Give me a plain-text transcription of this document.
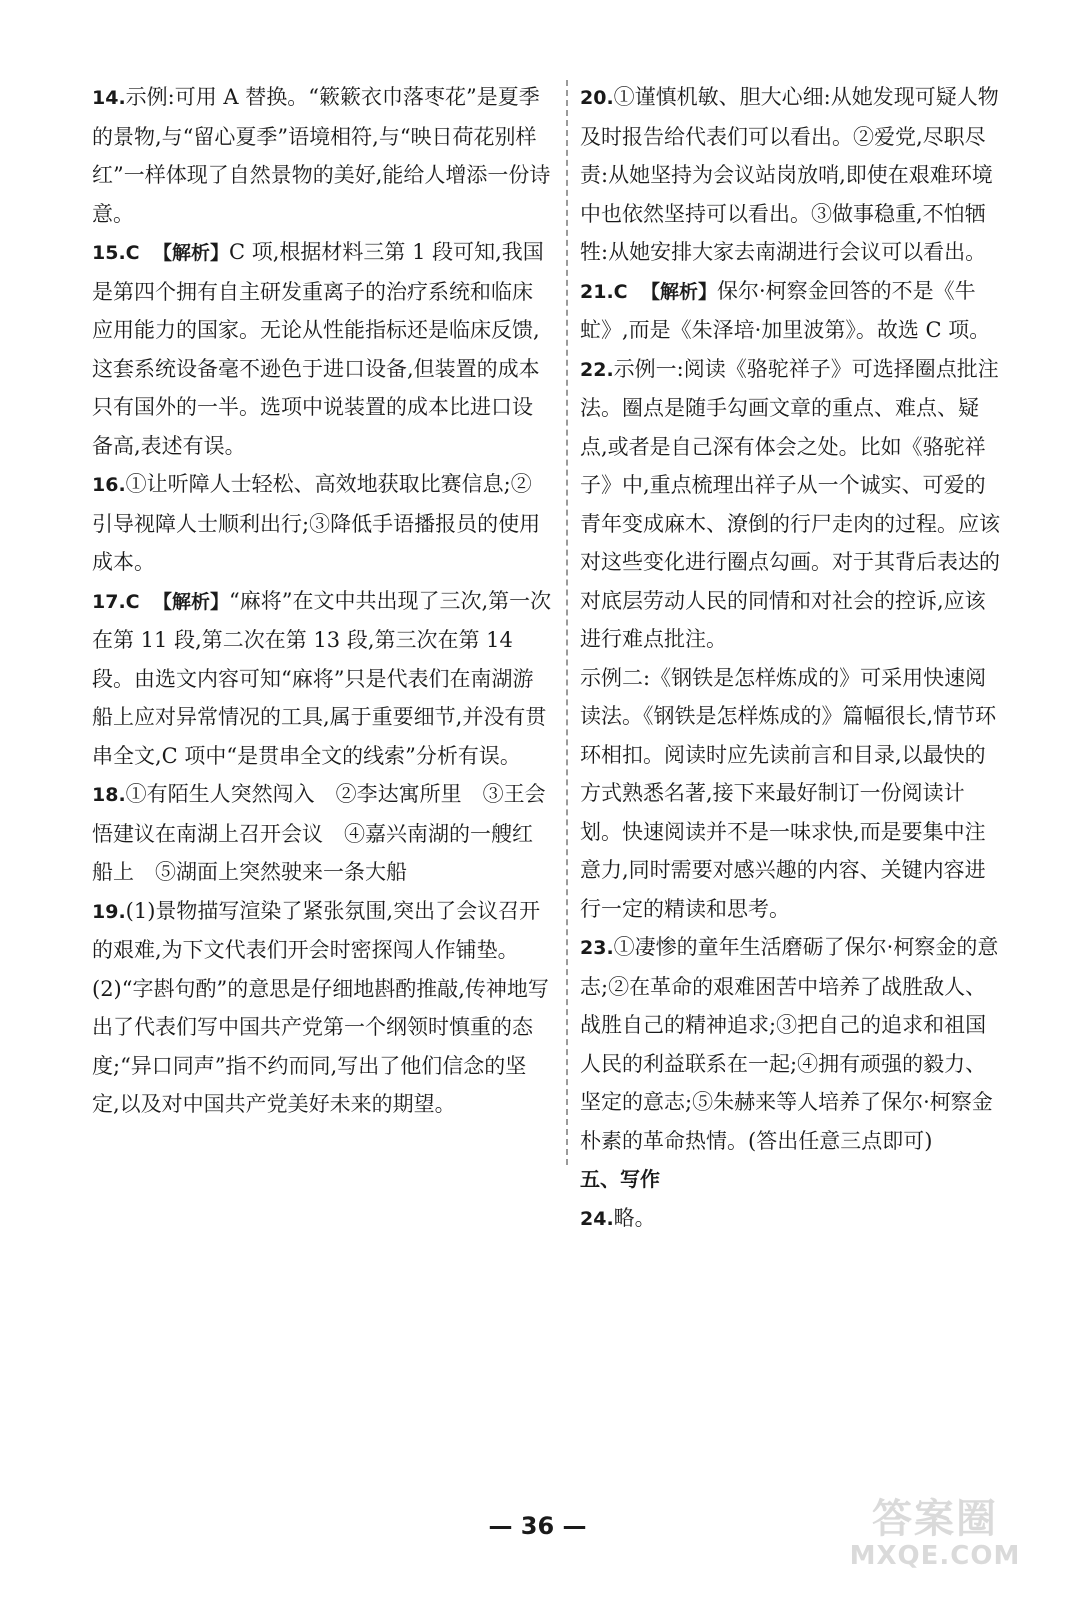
14.示例:可用 A 替换。“簌簌衣巾落枣花”是夏季的景物,与“留心夏季”语境相符,与“映日荷花别样红”一样体现了自然景物的美好,能给人增添一份诗意。

15.C 【解析】C 项,根据材料三第 1 段可知,我国是第四个拥有自主研发重离子的治疗系统和临床应用能力的国家。无论从性能指标还是临床反馈,这套系统设备毫不逊色于进口设备,但装置的成本只有国外的一半。选项中说装置的成本比进口设备高,表述有误。

16.①让听障人士轻松、高效地获取比赛信息;②引导视障人士顺利出行;③降低手语播报员的使用成本。

17.C 【解析】“麻将”在文中共出现了三次,第一次在第 11 段,第二次在第 13 段,第三次在第 14 段。由选文内容可知“麻将”只是代表们在南湖游船上应对异常情况的工具,属于重要细节,并没有贯串全文,C 项中“是贯串全文的线索”分析有误。

18.①有陌生人突然闯入　②李达寓所里　③王会悟建议在南湖上召开会议　④嘉兴南湖的一艘红船上　⑤湖面上突然驶来一条大船

19.(1)景物描写渲染了紧张氛围,突出了会议召开的艰难,为下文代表们开会时密探闯人作铺垫。

(2)“字斟句酌”的意思是仔细地斟酌推敲,传神地写出了代表们写中国共产党第一个纲领时慎重的态度;“异口同声”指不约而同,写出了他们信念的坚定,以及对中国共产党美好未来的期望。

20.①谨慎机敏、胆大心细:从她发现可疑人物及时报告给代表们可以看出。②爱党,尽职尽责:从她坚持为会议站岗放哨,即使在艰难环境中也依然坚持可以看出。③做事稳重,不怕牺牲:从她安排大家去南湖进行会议可以看出。

21.C 【解析】保尔·柯察金回答的不是《牛虻》,而是《朱泽培·加里波第》。故选 C 项。

22.示例一:阅读《骆驼祥子》可选择圈点批注法。圈点是随手勾画文章的重点、难点、疑点,或者是自己深有体会之处。比如《骆驼祥子》中,重点梳理出祥子从一个诚实、可爱的青年变成麻木、潦倒的行尸走肉的过程。应该对这些变化进行圈点勾画。对于其背后表达的对底层劳动人民的同情和对社会的控诉,应该进行难点批注。

示例二:《钢铁是怎样炼成的》可采用快速阅读法。《钢铁是怎样炼成的》篇幅很长,情节环环相扣。阅读时应先读前言和目录,以最快的方式熟悉名著,接下来最好制订一份阅读计划。快速阅读并不是一味求快,而是要集中注意力,同时需要对感兴趣的内容、关键内容进行一定的精读和思考。

23.①凄惨的童年生活磨砺了保尔·柯察金的意志;②在革命的艰难困苦中培养了战胜敌人、战胜自己的精神追求;③把自己的追求和祖国人民的利益联系在一起;④拥有顽强的毅力、坚定的意志;⑤朱赫来等人培养了保尔·柯察金朴素的革命热情。(答出任意三点即可)

五、写作

24.略。

— 36 —	答案圈
MXQE.COM
